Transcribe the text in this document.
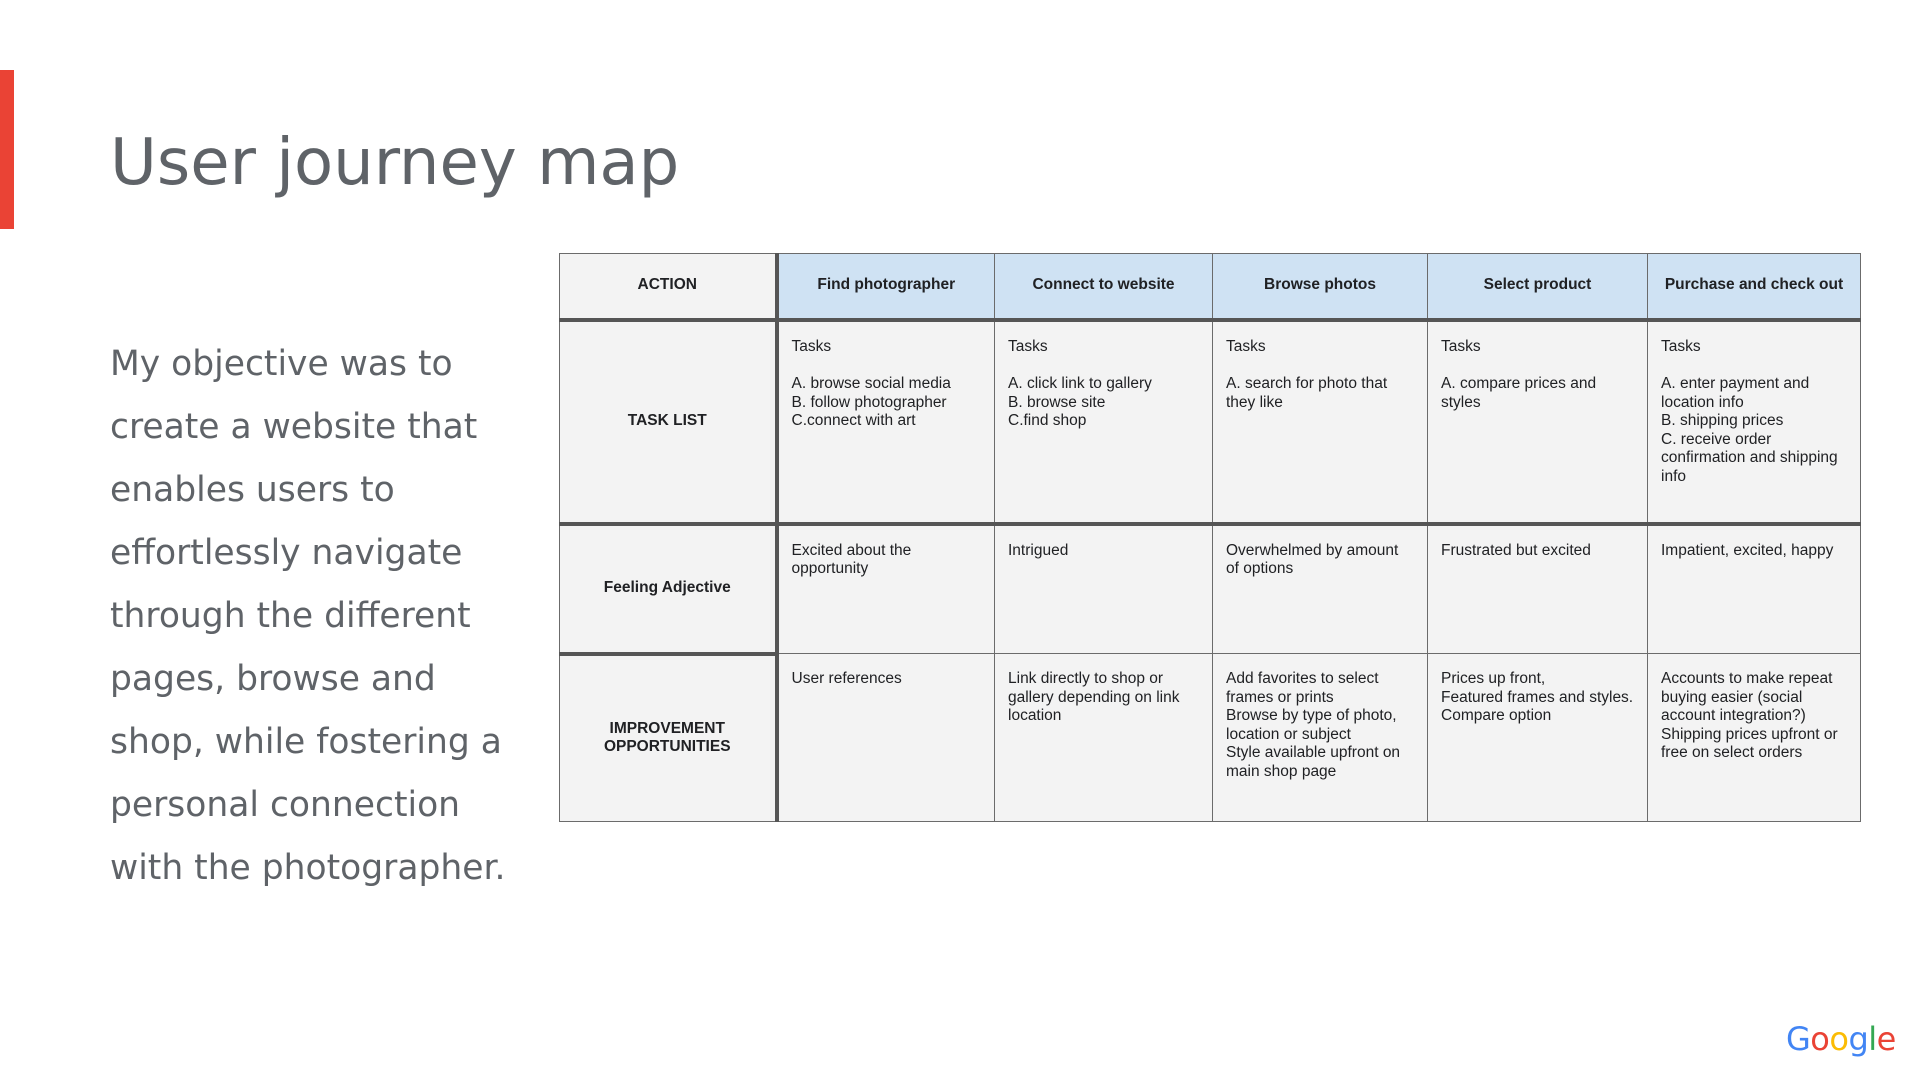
User journey map

My objective was to create a website that enables users to effortlessly navigate through the different pages, browse and shop, while fostering a personal connection with the photographer.

ACTION	Find photographer	Connect to website	Browse photos	Select product	Purchase and check out
TASK LIST	Tasks
A. browse social media
B. follow photographer
C.connect with art	Tasks
A. click link to gallery
B. browse site
C.find shop	Tasks
A. search for photo that they like	Tasks
A. compare prices and styles	Tasks
A. enter payment and location info
B. shipping prices
C. receive order confirmation and shipping info

Feeling Adjective	Excited about the opportunity	Intrigued	Overwhelmed by amount of options	Frustrated but excited	Impatient, excited, happy

IMPROVEMENT
OPPORTUNITIES	User references	Link directly to shop or gallery depending on link location	Add favorites to select frames or prints
Browse by type of photo, location or subject
Style available upfront on main shop page	Prices up front,
Featured frames and styles.
Compare option	Accounts to make repeat buying easier (social account integration?)
Shipping prices upfront or free on select orders
Google
